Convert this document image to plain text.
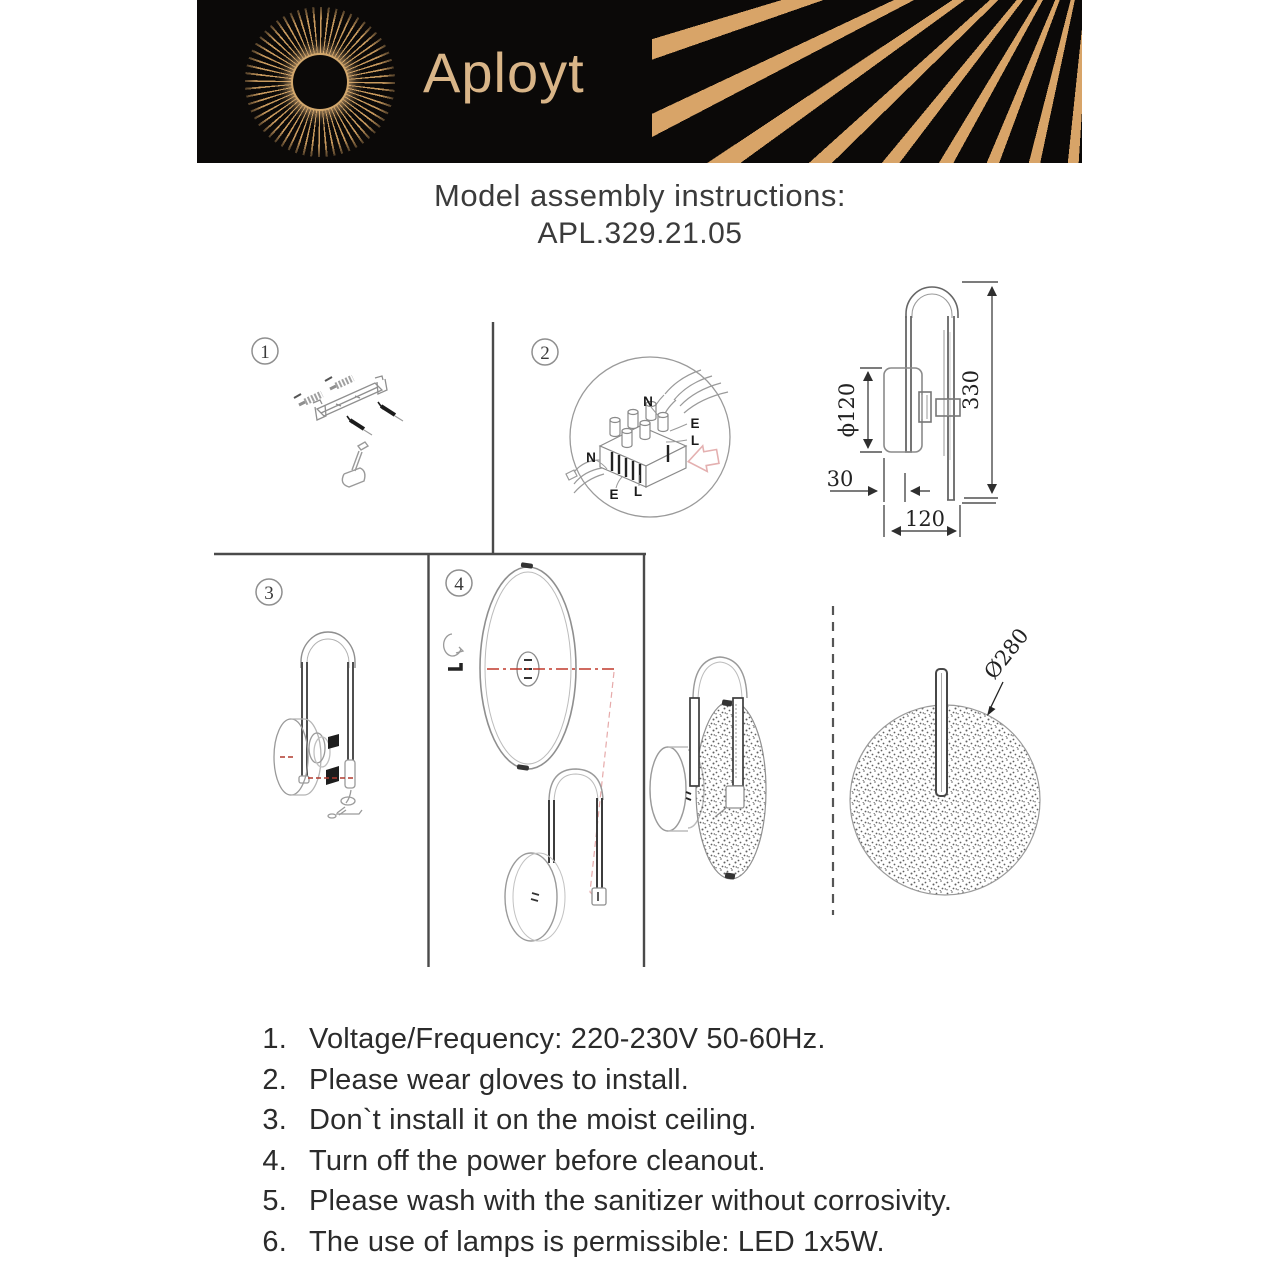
Aployt
Model assembly instructions:
APL.329.21.05
1	2
3	4
N
E
L
N
E L
ϕ120	330
30
120
Ø280
1. Voltage/Frequency: 220-230V 50-60Hz.
2. Please wear gloves to install.
3. Don`t install it on the moist ceiling.
4. Turn off the power before cleanout.
5. Please wash with the sanitizer without corrosivity.
6. The use of lamps is permissible: LED 1x5W.
